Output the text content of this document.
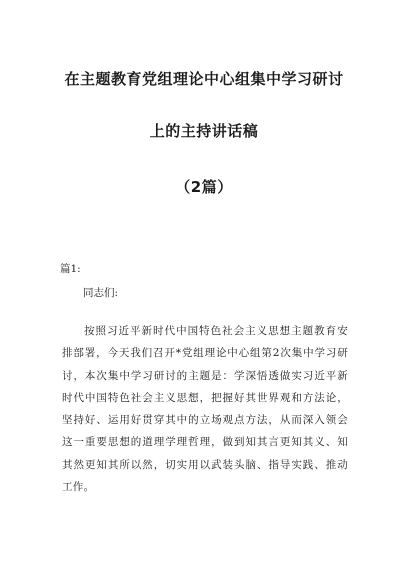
在主题教育党组理论中心组集中学习研讨
上的主持讲话稿
（2篇）
篇1:
同志们:
按照习近平新时代中国特色社会主义思想主题教育安
排部署，今天我们召开*党组理论中心组第2次集中学习研
讨，本次集中学习研讨的主题是：学深悟透做实习近平新
时代中国特色社会主义思想，把握好其世界观和方法论，
坚持好、运用好贯穿其中的立场观点方法，从而深入领会
这一重要思想的道理学理哲理，做到知其言更知其义、知
其然更知其所以然，切实用以武装头脑、指导实践、推动
工作。
